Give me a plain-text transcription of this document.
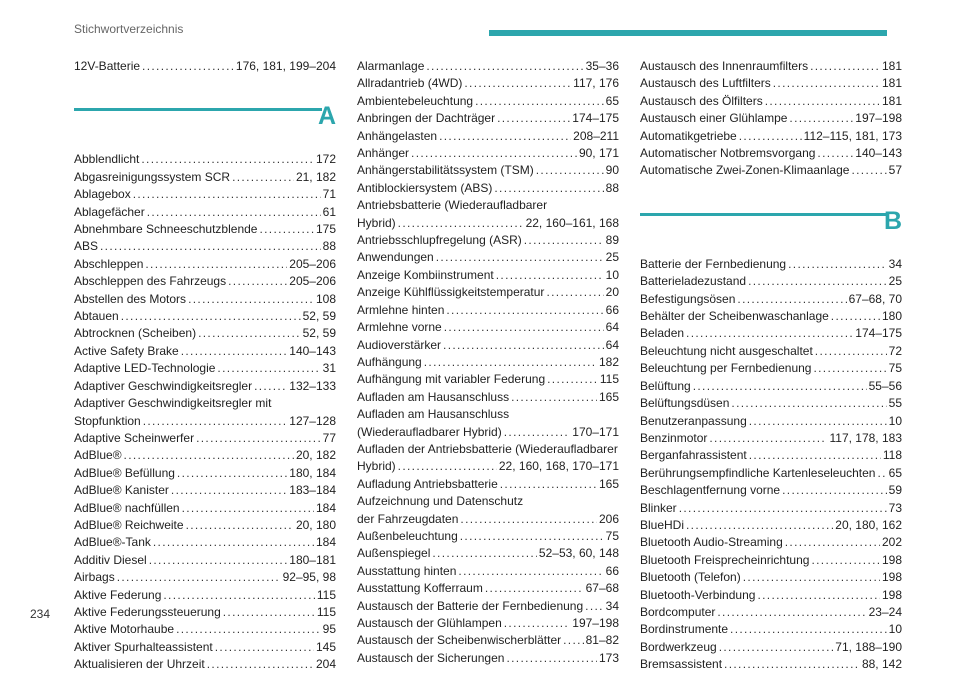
Stichwortverzeichnis
12V-Batterie . . .	176, 181, 199–204
A
Abblendlicht . . .	172
Abgasreinigungssystem SCR . . .	21, 182
Ablagebox . . .	71
Ablagefächer . . .	61
Abnehmbare Schneeschutzblende . . .	175
ABS . . .	88
Abschleppen . . .	205–206
Abschleppen des Fahrzeugs . . .	205–206
Abstellen des Motors . . .	108
Abtauen . . .	52, 59
Abtrocknen (Scheiben) . . .	52, 59
Active Safety Brake . . .	140–143
Adaptive LED-Technologie . . .	31
Adaptiver Geschwindigkeitsregler . . .	132–133
Adaptiver Geschwindigkeitsregler mit
Stopfunktion . . .	127–128
Adaptive Scheinwerfer . . .	77
AdBlue® . . .	20, 182
AdBlue® Befüllung . . .	180, 184
AdBlue® Kanister . . .	183–184
AdBlue® nachfüllen . . .	184
AdBlue® Reichweite . . .	20, 180
AdBlue®-Tank . . .	184
Additiv Diesel . . .	180–181
Airbags . . .	92–95, 98
Aktive Federung . . .	115
Aktive Federungssteuerung . . .	115
Aktive Motorhaube . . .	95
Aktiver Spurhalteassistent . . .	145
Aktualisieren der Uhrzeit . . .	204
Alarmanlage . . .	35–36
Allradantrieb (4WD) . . .	117, 176
Ambientebeleuchtung . . .	65
Anbringen der Dachträger . . .	174–175
Anhängelasten . . .	208–211
Anhänger . . .	90, 171
Anhängerstabilitätssystem (TSM) . . .	90
Antiblockiersystem (ABS) . . .	88
Antriebsbatterie (Wiederaufladbarer
Hybrid) . . .	22, 160–161, 168
Antriebsschlupfregelung (ASR) . . .	89
Anwendungen . . .	25
Anzeige Kombiinstrument . . .	10
Anzeige Kühlflüssigkeitstemperatur . . .	20
Armlehne hinten . . .	66
Armlehne vorne . . .	64
Audioverstärker . . .	64
Aufhängung . . .	182
Aufhängung mit variabler Federung . . .	115
Aufladen am Hausanschluss . . .	165
Aufladen am Hausanschluss
(Wiederaufladbarer Hybrid) . . .	170–171
Aufladen der Antriebsbatterie (Wiederaufladbarer
Hybrid) . . .	22, 160, 168, 170–171
Aufladung Antriebsbatterie . . .	165
Aufzeichnung und Datenschutz
der Fahrzeugdaten . . .	206
Außenbeleuchtung . . .	75
Außenspiegel . . .	52–53, 60, 148
Ausstattung hinten . . .	66
Ausstattung Kofferraum . . .	67–68
Austausch der Batterie der Fernbedienung . . . 34
Austausch der Glühlampen . . .	197–198
Austausch der Scheibenwischerblätter . . . 81–82
Austausch der Sicherungen . . .	173
Austausch des Innenraumfilters . . .	181
Austausch des Luftfilters . . .	181
Austausch des Ölfilters . . .	181
Austausch einer Glühlampe . . .	197–198
Automatikgetriebe . . .	112–115, 181, 173
Automatischer Notbremsvorgang . . .	140–143
Automatische Zwei-Zonen-Klimaanlage . . .	57
B
Batterie der Fernbedienung . . .	34
Batterieladezustand . . .	25
Befestigungsösen . . .	67–68, 70
Behälter der Scheibenwaschanlage . . .	180
Beladen . . .	174–175
Beleuchtung nicht ausgeschaltet . . .	72
Beleuchtung per Fernbedienung . . .	75
Belüftung . . .	55–56
Belüftungsdüsen . . .	55
Benutzeranpassung . . .	10
Benzinmotor . . .	117, 178, 183
Berganfahrassistent . . .	118
Berührungsempfindliche Kartenleseleuchten . . . 65
Beschlagentfernung vorne . . .	59
Blinker . . .	73
BlueHDi . . .	20, 180, 162
Bluetooth Audio-Streaming . . .	202
Bluetooth Freisprecheinrichtung . . .	198
Bluetooth (Telefon) . . .	198
Bluetooth-Verbindung . . .	198
Bordcomputer . . .	23–24
Bordinstrumente . . .	10
Bordwerkzeug . . .	71, 188–190
Bremsassistent . . .	88, 142
234
